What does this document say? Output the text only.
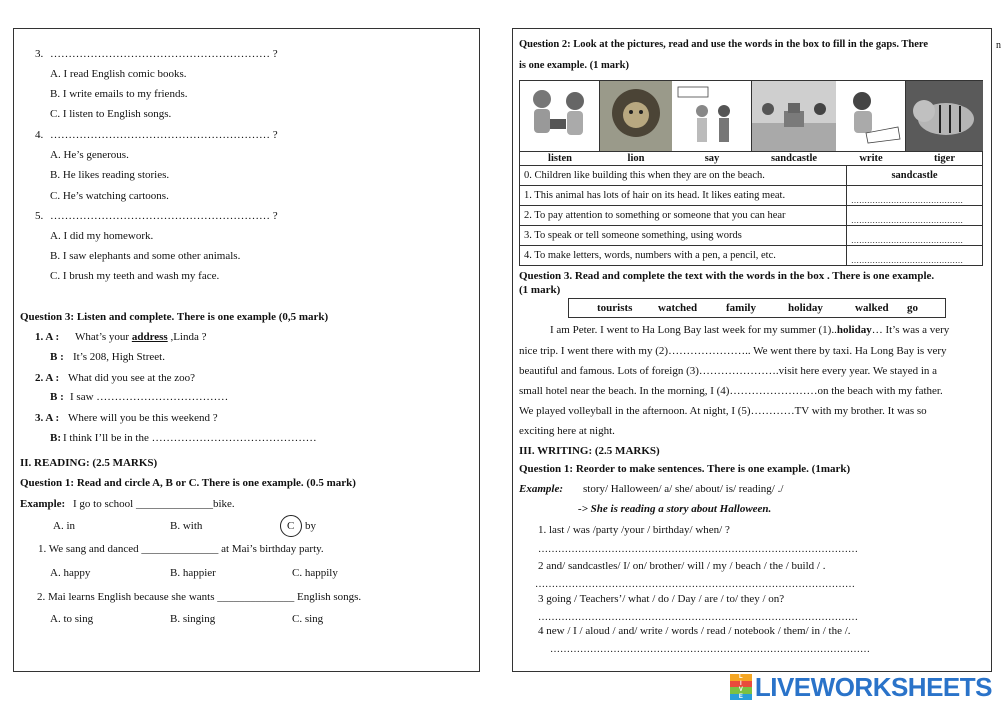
3. …………………………………………………… ?
A. I read English comic books.
B. I write emails to my friends.
C. I listen to English songs.
4. …………………………………………………… ?
A. He’s generous.
B. He likes reading stories.
C. He’s watching cartoons.
5. …………………………………………………… ?
A. I did my homework.
B. I saw elephants and some other animals.
C. I brush my teeth and wash my face.
Question 3: Listen and complete. There is one example (0,5 mark)
1. A : What’s your address ,Linda ?
B : It’s 208, High Street.
2. A : What did you see at the zoo?
B : I saw ………………………………
3. A : Where will you be this weekend ?
B: I think I’ll be in the ………………………………………
II. READING: (2.5 MARKS)
Question 1: Read and circle A, B or C. There is one example. (0.5 mark)
Example: I go to school ______________bike.
A. in	B. with	C by
1. We sang and danced ______________ at Mai’s birthday party.
A. happy	B. happier	C. happily
2. Mai learns English because she wants ______________ English songs.
A. to sing	B. singing	C. sing
n
Question 2: Look at the pictures, read and use the words in the box to fill in the gaps. There
is one example. (1 mark)
listen	lion	say	sandcastle	write	tiger
0. Children like building this when they are on the beach.	sandcastle
1. This animal has lots of hair on its head. It likes eating meat.	……………………………………
2. To pay attention to something or someone that you can hear	……………………………………
3. To speak or tell someone something, using words	……………………………………
4. To make letters, words, numbers with a pen, a pencil, etc.	……………………………………
Question 3. Read and complete the text with the words in the box . There is one example.
(1 mark)
tourists watched	family	holiday	walked go
I am Peter. I went to Ha Long Bay last week for my summer (1)..holiday… It’s was a very
nice trip. I went there with my (2)………………….. We went there by taxi. Ha Long Bay is very
beautiful and famous. Lots of foreign (3)………………….visit here every year. We stayed in a
small hotel near the beach. In the morning, I (4)……………………on the beach with my father.
We played volleyball in the afternoon. At night, I (5)…………TV with my brother. It was so
exciting here at night.
III. WRITING: (2.5 MARKS)
Question 1: Reorder to make sentences. There is one example. (1mark)
Example: story/ Halloween/ a/ she/ about/ is/ reading/ ./
-> She is reading a story about Halloween.
1. last / was /party /your / birthday/ when/ ?
……………………………………………………………………………………
2 and/ sandcastles/ I/ on/ brother/ will / my / beach / the / build / .
……………………………………………………………………………………
3 going / Teachers’/ what / do / Day / are / to/ they / on?
……………………………………………………………………………………
4 new / I / aloud / and/ write / words / read / notebook / them/ in / the /.
……………………………………………………………………………………
L
I
V
E LIVEWORKSHEETS
